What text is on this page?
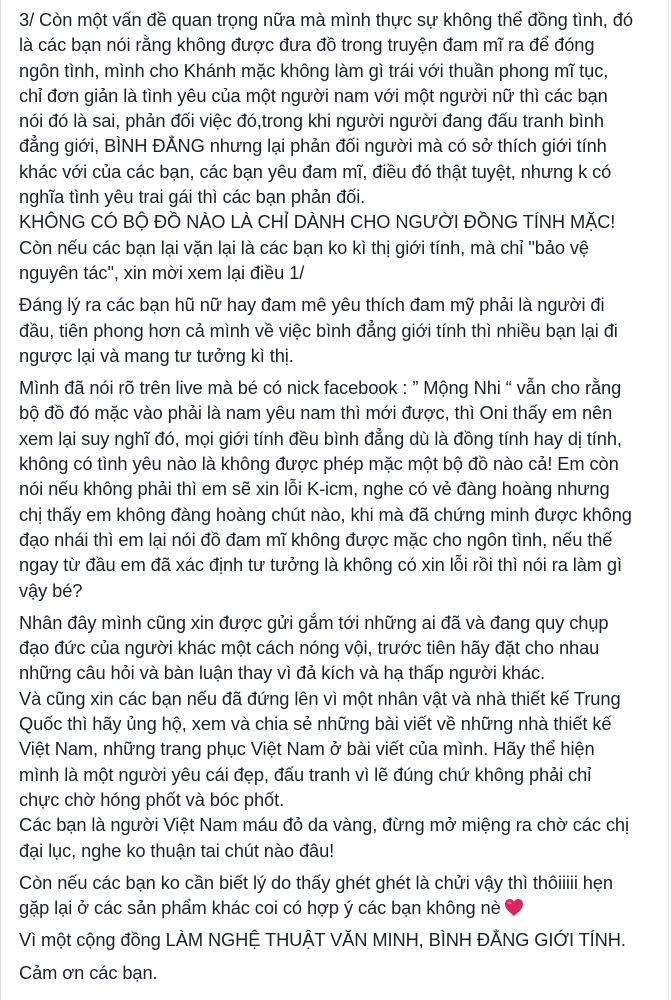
3/ Còn một vấn đề quan trọng nữa mà mình thực sự không thể đồng tình, đó
là các bạn nói rằng không được đưa đồ trong truyện đam mĩ ra để đóng
ngôn tình, mình cho Khánh mặc không làm gì trái với thuần phong mĩ tục,
chỉ đơn giản là tình yêu của một người nam với một người nữ thì các bạn
nói đó là sai, phản đối việc đó,trong khi người người đang đấu tranh bình
đẳng giới, BÌNH ĐẲNG nhưng lại phản đối người mà có sở thích giới tính
khác với của các bạn, các bạn yêu đam mĩ, điều đó thật tuyệt, nhưng k có
nghĩa tình yêu trai gái thì các bạn phản đối.
KHÔNG CÓ BỘ ĐỒ NÀO LÀ CHỈ DÀNH CHO NGƯỜI ĐỒNG TÍNH MẶC!
Còn nếu các bạn lại vặn lại là các bạn ko kì thị giới tính, mà chỉ "bảo vệ
nguyên tác", xin mời xem lại điều 1/
Đáng lý ra các bạn hũ nữ hay đam mê yêu thích đam mỹ phải là người đi
đầu, tiên phong hơn cả mình về việc bình đẳng giới tính thì nhiều bạn lại đi
ngược lại và mang tư tưởng kì thị.
Mình đã nói rõ trên live mà bé có nick facebook : ” Mộng Nhi “ vẫn cho rằng
bộ đồ đó mặc vào phải là nam yêu nam thì mới được, thì Oni thấy em nên
xem lại suy nghĩ đó, mọi giới tính đều bình đẳng dù là đồng tính hay dị tính,
không có tình yêu nào là không được phép mặc một bộ đồ nào cả! Em còn
nói nếu không phải thì em sẽ xin lỗi K-icm, nghe có vẻ đàng hoàng nhưng
chị thấy em không đàng hoàng chút nào, khi mà đã chứng minh được không
đạo nhái thì em lại nói đồ đam mĩ không được mặc cho ngôn tình, nếu thế
ngay từ đầu em đã xác định tư tưởng là không có xin lỗi rồi thì nói ra làm gì
vậy bé?
Nhân đây mình cũng xin được gửi gắm tới những ai đã và đang quy chụp
đạo đức của người khác một cách nóng vội, trước tiên hãy đặt cho nhau
những câu hỏi và bàn luận thay vì đả kích và hạ thấp người khác.
Và cũng xin các bạn nếu đã đứng lên vì một nhân vật và nhà thiết kế Trung
Quốc thì hãy ủng hộ, xem và chia sẻ những bài viết về những nhà thiết kế
Việt Nam, những trang phục Việt Nam ở bài viết của mình. Hãy thể hiện
mình là một người yêu cái đẹp, đấu tranh vì lẽ đúng chứ không phải chỉ
chực chờ hóng phốt và bóc phốt.
Các bạn là người Việt Nam máu đỏ da vàng, đừng mở miệng ra chờ các chị
đại lục, nghe ko thuận tai chút nào đâu!
Còn nếu các bạn ko cần biết lý do thấy ghét ghét là chửi vậy thì thôiiiii hẹn
gặp lại ở các sản phẩm khác coi có hợp ý các bạn không nè
Vì một cộng đồng LÀM NGHỆ THUẬT VĂN MINH, BÌNH ĐẲNG GIỚI TÍNH.
Cảm ơn các bạn.
